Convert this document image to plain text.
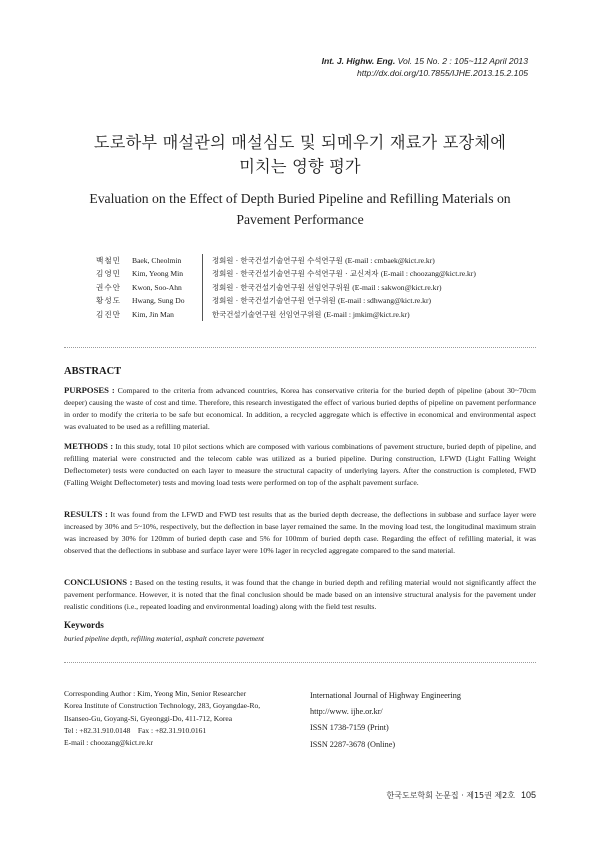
Int. J. Highw. Eng. Vol. 15 No. 2 : 105~112 April 2013
http://dx.doi.org/10.7855/IJHE.2013.15.2.105
도로하부 매설관의 매설심도 및 되메우기 재료가 포장체에
미치는 영향 평가
Evaluation on the Effect of Depth Buried Pipeline and Refilling Materials on
Pavement Performance
백철민	Baek, Cheolmin	정회원 · 한국건설기술연구원 수석연구원 (E-mail : cmbaek@kict.re.kr)
김영민	Kim, Yeong Min	정회원 · 한국건설기술연구원 수석연구원 · 교신저자 (E-mail : choozang@kict.re.kr)
권수안	Kwon, Soo-Ahn	정회원 · 한국건설기술연구원 선임연구위원 (E-mail : sakwon@kict.re.kr)
황성도	Hwang, Sung Do	정회원 · 한국건설기술연구원 연구위원 (E-mail : sdhwang@kict.re.kr)
김진만	Kim, Jin Man	한국건설기술연구원 선임연구위원 (E-mail : jmkim@kict.re.kr)
ABSTRACT
PURPOSES : Compared to the criteria from advanced countries, Korea has conservative criteria for the buried depth of pipeline (about 30~70cm deeper) causing the waste of cost and time. Therefore, this research investigated the effect of various buried depths of pipeline on pavement performance in order to modify the criteria to be safe but economical. In addition, a recycled aggregate which is effective in economical and environmental aspect was evaluated to be used as a refilling material.
METHODS : In this study, total 10 pilot sections which are composed with various combinations of pavement structure, buried depth of pipeline, and refilling material were constructed and the telecom cable was utilized as a buried pipeline. During construction, LFWD (Light Falling Weight Deflectometer) tests were conducted on each layer to measure the structural capacity of underlying layers. After the construction is completed, FWD (Falling Weight Deflectometer) tests and moving load tests were performed on top of the asphalt pavement surface.
RESULTS : It was found from the LFWD and FWD test results that as the buried depth decrease, the deflections in subbase and surface layer were increased by 30% and 5~10%, respectively, but the deflection in base layer remained the same. In the moving load test, the longitudinal maximum strain was increased by 30% for 120mm of buried depth case and 5% for 100mm of buried depth case. Regarding the effect of refilling material, it was observed that the deflections in subbase and surface layer were 10% lager in recycled aggregate compared to the sand material.
CONCLUSIONS : Based on the testing results, it was found that the change in buried depth and refiling material would not significantly affect the pavement performance. However, it is noted that the final conclusion should be made based on an intensive structural analysis for the pavement under realistic conditions (i.e., repeated loading and environmental loading) along with the field test results.
Keywords
buried pipeline depth, refilling material, asphalt concrete pavement
Corresponding Author : Kim, Yeong Min, Senior Researcher
Korea Institute of Construction Technology, 283, Goyangdae-Ro,
Ilsanseo-Gu, Goyang-Si, Gyeonggi-Do, 411-712, Korea
Tel : +82.31.910.0148    Fax : +82.31.910.0161
E-mail : choozang@kict.re.kr
International Journal of Highway Engineering
http://www. ijhe.or.kr/
ISSN 1738-7159 (Print)
ISSN 2287-3678 (Online)
한국도로학회 논문집 · 제15권 제2호 105
